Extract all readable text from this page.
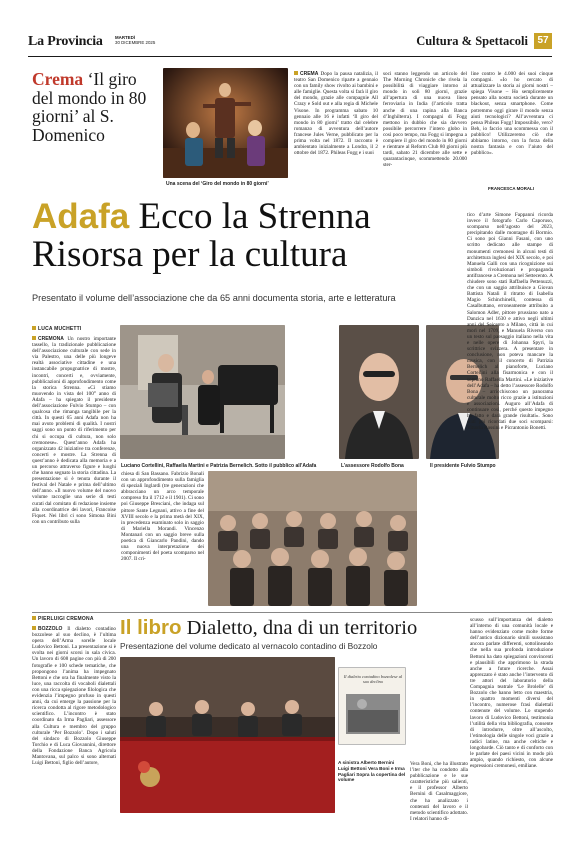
La Provincia	MARTEDÌ
30 DICEMBRE 2025	Cultura & Spettacoli 57
Crema ‘Il giro del mondo in 80 giorni’ al S. Domenico
Una scena del ‘Giro del mondo in 80 giorni’
CREMA Dopo la pausa natalizia, il teatro San Domenico riparte a gennaio con un family show rivolto ai bambini e alle famiglie. Questa volta si farà il giro del mondo, grazie alle compagnie All Crazy e Sold out e alla regia di Michele Visone. In programma sabato 10 gennaio alle 16 è infatti ‘Il giro del mondo in 80 giorni’ tratto dal celebre romanzo di avventura dell’autore francese Jules Verne, pubblicato per la prima volta nel 1872. Il racconto è ambientato inizialmente a Londra, il 2 ottobre del 1872. Phileas Fogg e i suoi
soci stanno leggendo un articolo del The Morning Chronicle che rivela la possibilità di viaggiare intorno al mondo in soli 80 giorni, grazie all’apertura di una nuova linea ferroviaria in India (l’articolo tratta anche di una rapina alla Banca d’Inghilterra). I compagni di Fogg mettono in dubbio che sia davvero possibile percorrere l’intero globo in così poco tempo, ma Fogg si impegna a compiere il giro del mondo in 80 giorni e rientrare al Reform Club 80 giorni più tardi, sabato 21 dicembre alle sette e quarantacinque, scommettendo 20.000 ster-
line contro le 4.000 dei suoi cinque compagni. «Io ho cercato di attualizzare la storia ai giorni nostri – spiega Visone – Ho semplicemente pensato alla nostra società durante un blackout, senza smartphone. Come potremmo oggi girare il mondo senza aiuti tecnologici? All’avventura ci pensa Phileas Fogg! Impossibile, vero? Beh, io faccio una scommessa con il pubblico! Utilizzeremo ciò che abbiamo intorno, con la forza della nostra fantasia e con l’aiuto del pubblico».
FRANCESCA MORALI
Adafa Ecco la Strenna Risorsa per la cultura
Presentato il volume dell’associazione che da 65 anni documenta storia, arte e letteratura
LUCA MUCHETTI
CREMONA Un nostro importante tassello, la tradizionale pubblicazione dell’associazione culturale con sede in via Palestro, una delle più longeve realtà associative cittadine e una instancabile propugnatrice di mostre, incontri, concerti e, ovviamente, pubblicazioni di approfondimento come la storica Strenna. «Ci stiamo muovendo in vista del 100° anno di Adafa – ha spiegato il presidente dell’associazione Fulvio Stumpo – con qualcosa che rimanga tangibile per la città. In questi 65 anni Adafa non ha mai avuto problemi di qualità. I nostri saggi sono un punto di riferimento per chi si occupa di cultura, non solo cremonese». Quest’anno Adafa ha organizzato 42 iniziative tra conferenze, concerti e mostre. La Strenna di quest’anno è dedicata alla memoria e a un percorso attraverso figure e luoghi che hanno segnato la storia cittadina. La presentazione si è tenuta durante il festival del Natale e prima dell’ultimo dell’anno. «Il nuovo volume del nuovo volume raccoglie una serie di testi curati dal comitato di redazione insieme alla coordinatrice dei lavori, Francoise Fiquet. Nei libri ci sono Simona Bini con un contributo sulla
Luciano Cortellini, Raffaella Martini e Patrizia Bernelich. Sotto il pubblico all’Adafa	L’assessore Rodolfo Bona	Il presidente Fulvio Stumpo
chiesa di San Bassano. Fabrizio Bonali con un approfondimento sulla famiglia di speziali Inglardi (tre generazioni che abbracciano un arco temporale compreso fra il 1712 e il 1901). Ci sono poi Giuseppe Bresciani, che indaga sul pittore Sante Legnani, attivo a fine del XVIII secolo e la prima metà del XIX, in precedenza esaminato solo in saggio di Mariella Morandi. Vincenzo Montanari con un saggio breve sulla poetica di Giancarlo Pandini, dando una nuova interpretazione dei componimenti del poeta scomparso nel 2007. Il cri-
tico d’arte Simone Fappanni ricorda invece il fotografo Carlo Caporuso, scomparso nell’agosto del 2023, precipitando dalle montagne di Bormio. Ci sono poi Gianni Fasani, con uno scritto dedicato alle stampe di monumenti cremonesi in alcuni testi di architettura inglesi del XIX secolo, e poi Manuela Galli con una ricognizione sui simboli rivoluzionari e propaganda antifrancese a Cremona nel Settecento. A chiudere sono stati Raffaella Pettenuzzi, che con un saggio attribuisce a Giovan Battista Natali il ritratto di Isabella Magio Schinchinelli, contessa di Casalbuttano, erroneamente attribuito a Salomon Adler, pittore prussiano nato a Danzica nel 1630 e attivo negli ultimi anni del Seicento a Milano, città in cui morì nel 1709, e Manuela Riverso con un testo sul paesaggio italiano nella vita e nelle opere di Johanna Spyri, la scrittrice svizzera. A presentare in conclusione, non poteva mancare la musica, con il concerto di Patrizia Bernelich al pianoforte, Luciano Cortellini alla fisarmonica e con il soprano Raffaella Martini. «Le iniziative dell’Adafa – ha detto l’assessore Rodolfo Bona – arricchiscono un panorama culturale molto ricco grazie a istituzioni e associazioni. Auguro all’Adafa di continuare così, perché questo impegno ha fatto e darà grande risultati». Sono stati poi ricordati due soci scomparsi: Vittoria Rossini e Picrantonio Bonetti.
PIERLUIGI CREMONA
BOZZOLO Il dialetto contadino bozzolese al suo declino, è l’ultima opera dell’Arma sorelle locale Ludovico Bettoni. La presentazione si è svolta nei giorni scorsi in sala civica. Un lavoro di 608 pagine con più di 200 fotografie e 100 schede tematiche, che propongono l’anima ha impegnato Bettoni e che ora ha finalmente visto la luce, una raccolta di vocaboli dialettali con una ricca spiegazione filologica che evidenzia l’impegno profuso in questi anni, da cui emerge la passione per la ricerca condotta al rigore metodologico scientifico. L’incontro è stato coordinato da Irma Pagliari, assessore alla Cultura e membro del gruppo culturale ‘Per Bozzolo’. Dopo i saluti del sindaco di Bozzolo Giuseppe Torchio e di Luca Giovannini, direttore della Fondazione Banca Agricola Mantovana, sul palco si sono alternati Luigi Bettoni, figlio dell’autore,
Il libro Dialetto, dna di un territorio
Presentazione del volume dedicato al vernacolo contadino di Bozzolo
Il dialetto contadino bozzolese al suo declino
A sinistra Alberto Bernini Luigi Bettoni Vera Boni e Irma Pagliari Sopra la copertina del volume
Vera Boni, che ha illustrato l’iter che ha condotto alla pubblicazione e le sue caratteristiche più salienti, e il professor Alberto Bernini di Casalmaggiore, che ha analizzato i contenuti del lavoro e il metodo scientifico adottato. I relatori hanno di-
scusso sull’importanza del dialetto all’interno di una comunità locale e hanno evidenziato come molte forme dell’antico dizionario simili sussistano ancora parlate differenti, sottolineando che nella sua profonda introduzione Bettoni ha dato spiegazioni convincenti e plausibili che apprimono la strada anche a future ricerche. Assai apprezzato è stato anche l’intervento di tre attori del laboratorio della Compagnia teatrale ‘Le Brolelle’ di Bozzolo che hanno letto con maestria, in quattro momenti diversi del l’incontro, numerose frasi dialettali contenute del volume. Lo stupendo lavoro di Ludovico Bettoni, testimonia l’utilità della vita bibliografia, consente di introdurre, oltre all’ascolto, l’etimologia delle singole voci grazie a radici latine, ma anche celtiche e longobarde. Ciò tanto e di conforto con le parlate dei paesi vicini in modo più ampio, quando richiesto, con alcune espressioni cremonesi, emiliane.
